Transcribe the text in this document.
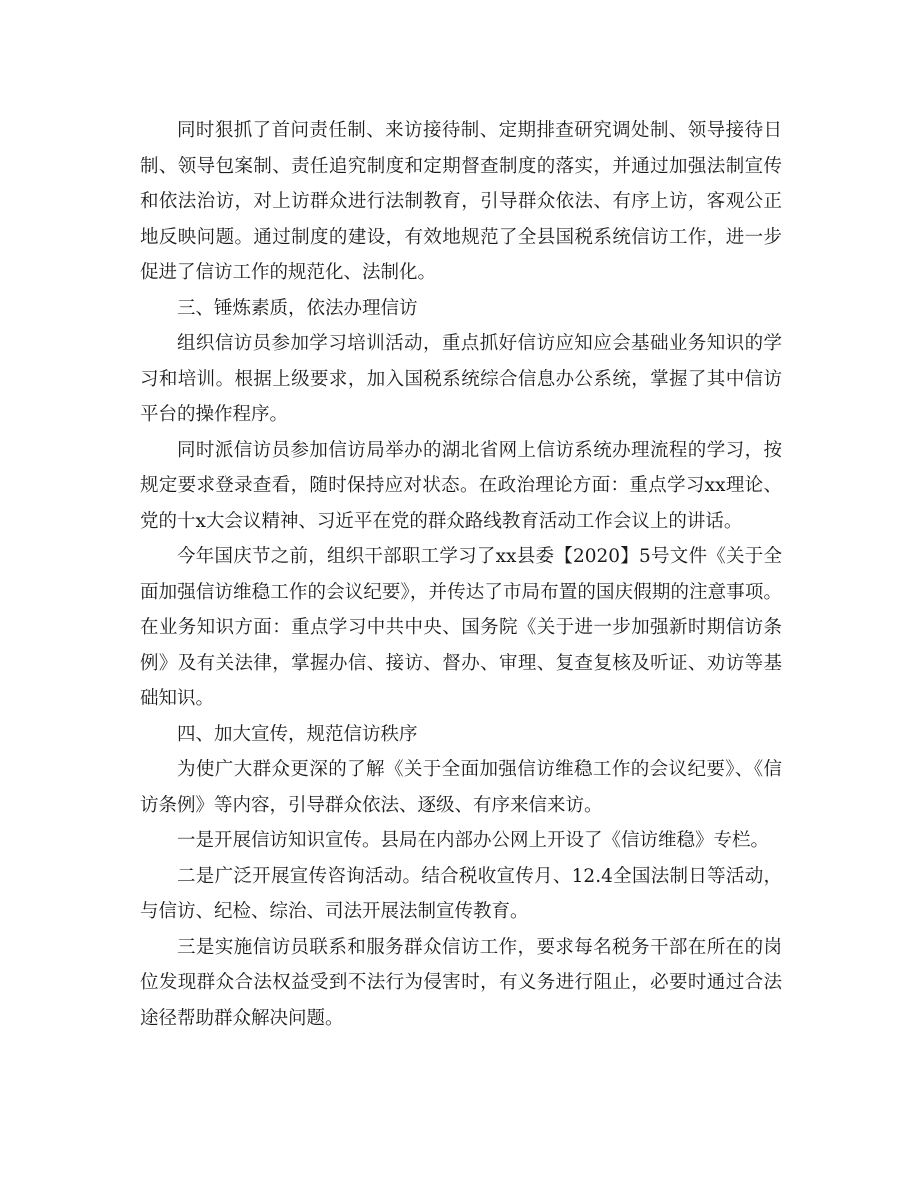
同时狠抓了首问责任制、来访接待制、定期排查研究调处制、领导接待日制、领导包案制、责任追究制度和定期督查制度的落实，并通过加强法制宣传和依法治访，对上访群众进行法制教育，引导群众依法、有序上访，客观公正地反映问题。通过制度的建设，有效地规范了全县国税系统信访工作，进一步促进了信访工作的规范化、法制化。

三、锤炼素质，依法办理信访

组织信访员参加学习培训活动，重点抓好信访应知应会基础业务知识的学习和培训。根据上级要求，加入国税系统综合信息办公系统，掌握了其中信访平台的操作程序。

同时派信访员参加信访局举办的湖北省网上信访系统办理流程的学习，按规定要求登录查看，随时保持应对状态。在政治理论方面：重点学习xx理论、党的十x大会议精神、习近平在党的群众路线教育活动工作会议上的讲话。

今年国庆节之前，组织干部职工学习了xx县委【2020】5号文件《关于全面加强信访维稳工作的会议纪要》，并传达了市局布置的国庆假期的注意事项。在业务知识方面：重点学习中共中央、国务院《关于进一步加强新时期信访条例》及有关法律，掌握办信、接访、督办、审理、复查复核及听证、劝访等基础知识。

四、加大宣传，规范信访秩序

为使广大群众更深的了解《关于全面加强信访维稳工作的会议纪要》、《信访条例》等内容，引导群众依法、逐级、有序来信来访。

一是开展信访知识宣传。县局在内部办公网上开设了《信访维稳》专栏。

二是广泛开展宣传咨询活动。结合税收宣传月、12.4全国法制日等活动，与信访、纪检、综治、司法开展法制宣传教育。

三是实施信访员联系和服务群众信访工作，要求每名税务干部在所在的岗位发现群众合法权益受到不法行为侵害时，有义务进行阻止，必要时通过合法途径帮助群众解决问题。
